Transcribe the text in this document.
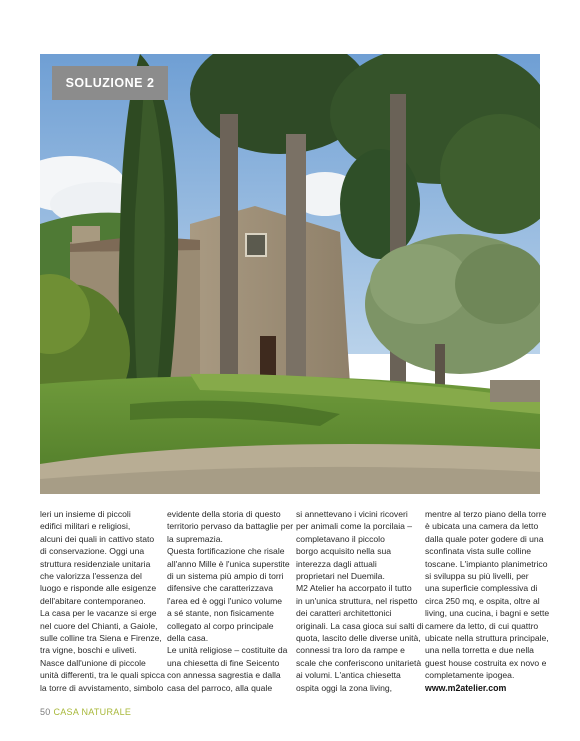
SOLUZIONE 2

leri un insieme di piccoli

edifici militari e religiosi,

alcuni dei quali in cattivo stato

di conservazione. Oggi una

struttura residenziale unitaria

che valorizza l'essenza del

luogo e risponde alle esigenze

dell'abitare contemporaneo.

La casa per le vacanze si erge

nel cuore del Chianti, a Gaiole,

sulle colline tra Siena e Firenze,

tra vigne, boschi e uliveti.

Nasce dall'unione di piccole

unità differenti, tra le quali spicca

la torre di avvistamento, simbolo

evidente della storia di questo

territorio pervaso da battaglie per

la supremazia.

Questa fortificazione che risale

all'anno Mille è l'unica superstite

di un sistema più ampio di torri

difensive che caratterizzava

l'area ed è oggi l'unico volume

a sé stante, non fisicamente

collegato al corpo principale

della casa.

Le unità religiose – costituite da

una chiesetta di fine Seicento

con annessa sagrestia e dalla

casa del parroco, alla quale

si annettevano i vicini ricoveri

per animali come la porcilaia –

completavano il piccolo

borgo acquisito nella sua

interezza dagli attuali

proprietari nel Duemila.

M2 Atelier ha accorpato il tutto

in un'unica struttura, nel rispetto

dei caratteri architettonici

originali. La casa gioca sui salti di

quota, lascito delle diverse unità,

connessi tra loro da rampe e

scale che conferiscono unitarietà

ai volumi. L'antica chiesetta

ospita oggi la zona living,

mentre al terzo piano della torre

è ubicata una camera da letto

dalla quale poter godere di una

sconfinata vista sulle colline

toscane. L'impianto planimetrico

si sviluppa su più livelli, per

una superficie complessiva di

circa 250 mq, e ospita, oltre al

living, una cucina, i bagni e sette

camere da letto, di cui quattro

ubicate nella struttura principale,

una nella torretta e due nella

guest house costruita ex novo e

completamente ipogea.

www.m2atelier.com

50 CASA NATURALE
